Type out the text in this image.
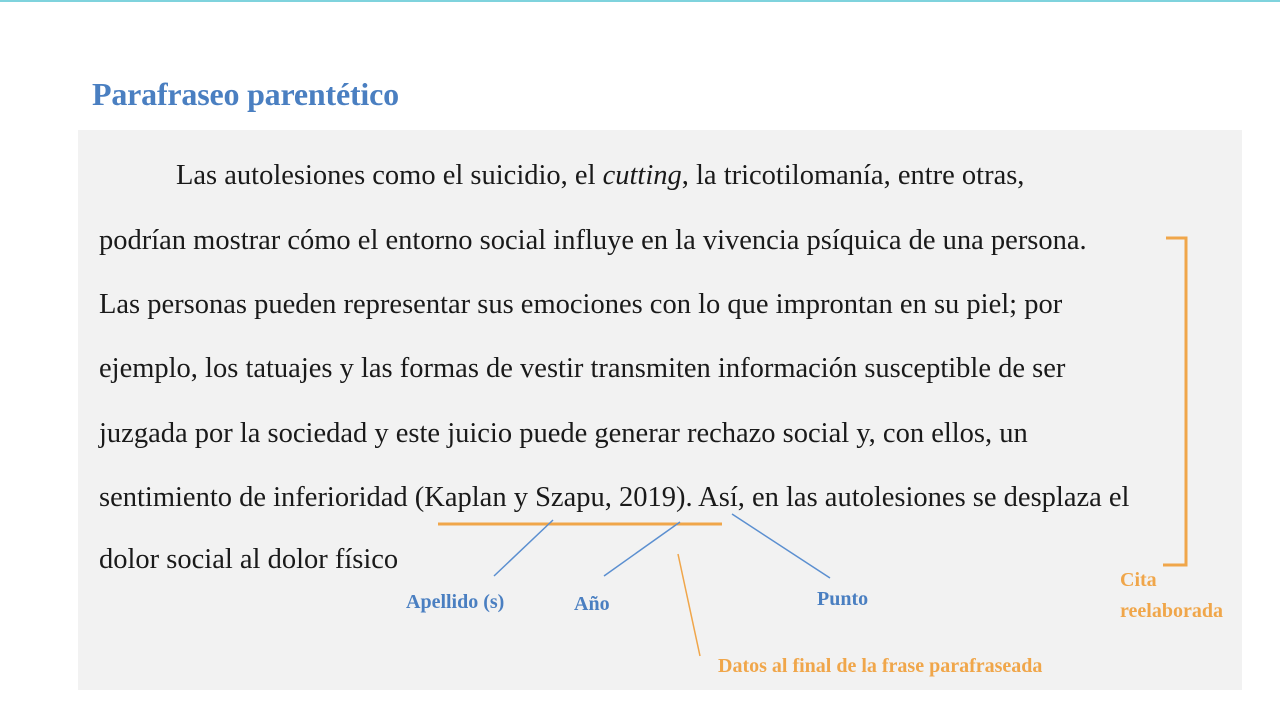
Parafraseo parentético

Las autolesiones como el suicidio, el cutting, la tricotilomanía, entre otras,

podrían mostrar cómo el entorno social influye en la vivencia psíquica de una persona.

Las personas pueden representar sus emociones con lo que improntan en su piel; por

ejemplo, los tatuajes y las formas de vestir transmiten información susceptible de ser

juzgada por la sociedad y este juicio puede generar rechazo social y, con ellos, un

sentimiento de inferioridad (Kaplan y Szapu, 2019). Así, en las autolesiones se desplaza el

dolor social al dolor físico

Apellido (s)	Año	Punto

Cita

reelaborada

Datos al final de la frase parafraseada
